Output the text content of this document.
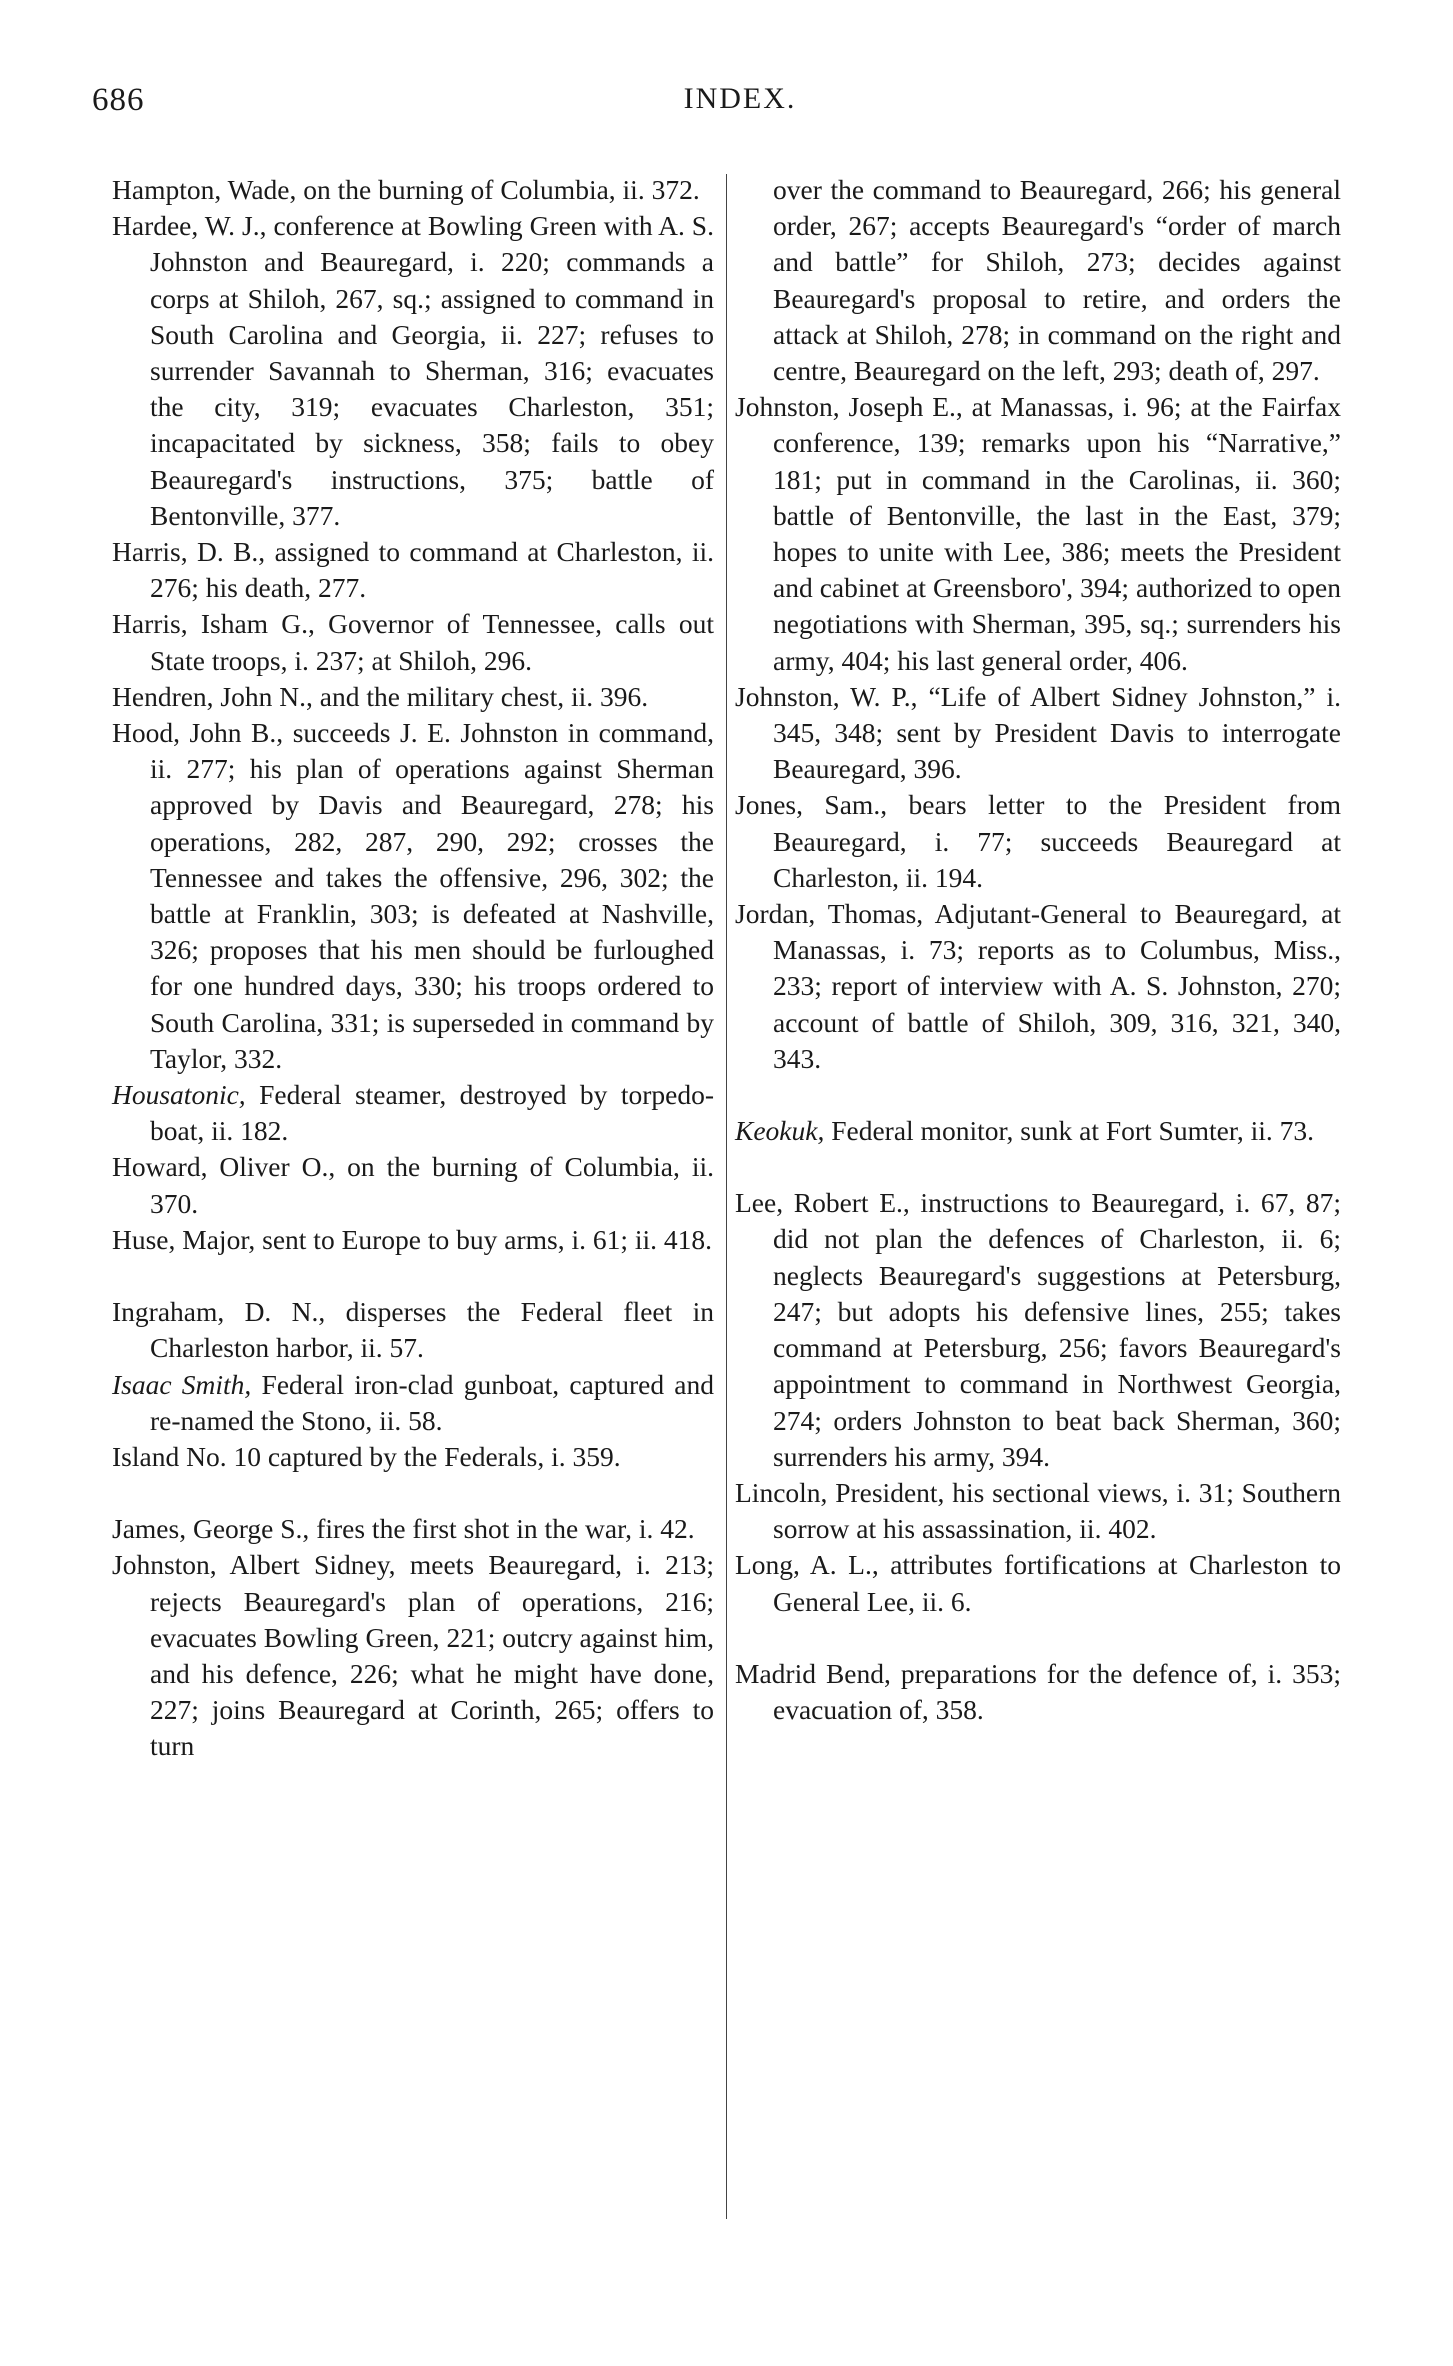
686	INDEX.

Hampton, Wade, on the burning of Columbia, ii. 372.

Hardee, W. J., conference at Bowling Green with A. S. Johnston and Beauregard, i. 220; commands a corps at Shiloh, 267, sq.; assigned to command in South Carolina and Georgia, ii. 227; refuses to surrender Savannah to Sherman, 316; evacuates the city, 319; evacuates Charleston, 351; incapacitated by sickness, 358; fails to obey Beauregard's instructions, 375; battle of Bentonville, 377.

Harris, D. B., assigned to command at Charleston, ii. 276; his death, 277.

Harris, Isham G., Governor of Tennessee, calls out State troops, i. 237; at Shiloh, 296.

Hendren, John N., and the military chest, ii. 396.

Hood, John B., succeeds J. E. Johnston in command, ii. 277; his plan of operations against Sherman approved by Davis and Beauregard, 278; his operations, 282, 287, 290, 292; crosses the Tennessee and takes the offensive, 296, 302; the battle at Franklin, 303; is defeated at Nashville, 326; proposes that his men should be furloughed for one hundred days, 330; his troops ordered to South Carolina, 331; is superseded in command by Taylor, 332.

Housatonic, Federal steamer, destroyed by torpedo-boat, ii. 182.

Howard, Oliver O., on the burning of Columbia, ii. 370.

Huse, Major, sent to Europe to buy arms, i. 61; ii. 418.

Ingraham, D. N., disperses the Federal fleet in Charleston harbor, ii. 57.

Isaac Smith, Federal iron-clad gunboat, captured and re-named the Stono, ii. 58.

Island No. 10 captured by the Federals, i. 359.

James, George S., fires the first shot in the war, i. 42.

Johnston, Albert Sidney, meets Beauregard, i. 213; rejects Beauregard's plan of operations, 216; evacuates Bowling Green, 221; outcry against him, and his defence, 226; what he might have done, 227; joins Beauregard at Corinth, 265; offers to turn

over the command to Beauregard, 266; his general order, 267; accepts Beauregard's “order of march and battle” for Shiloh, 273; decides against Beauregard's proposal to retire, and orders the attack at Shiloh, 278; in command on the right and centre, Beauregard on the left, 293; death of, 297.

Johnston, Joseph E., at Manassas, i. 96; at the Fairfax conference, 139; remarks upon his “Narrative,” 181; put in command in the Carolinas, ii. 360; battle of Bentonville, the last in the East, 379; hopes to unite with Lee, 386; meets the President and cabinet at Greensboro', 394; authorized to open negotiations with Sherman, 395, sq.; surrenders his army, 404; his last general order, 406.

Johnston, W. P., “Life of Albert Sidney Johnston,” i. 345, 348; sent by President Davis to interrogate Beauregard, 396.

Jones, Sam., bears letter to the President from Beauregard, i. 77; succeeds Beauregard at Charleston, ii. 194.

Jordan, Thomas, Adjutant-General to Beauregard, at Manassas, i. 73; reports as to Columbus, Miss., 233; report of interview with A. S. Johnston, 270; account of battle of Shiloh, 309, 316, 321, 340, 343.

Keokuk, Federal monitor, sunk at Fort Sumter, ii. 73.

Lee, Robert E., instructions to Beauregard, i. 67, 87; did not plan the defences of Charleston, ii. 6; neglects Beauregard's suggestions at Petersburg, 247; but adopts his defensive lines, 255; takes command at Petersburg, 256; favors Beauregard's appointment to command in Northwest Georgia, 274; orders Johnston to beat back Sherman, 360; surrenders his army, 394.

Lincoln, President, his sectional views, i. 31; Southern sorrow at his assassination, ii. 402.

Long, A. L., attributes fortifications at Charleston to General Lee, ii. 6.

Madrid Bend, preparations for the defence of, i. 353; evacuation of, 358.
